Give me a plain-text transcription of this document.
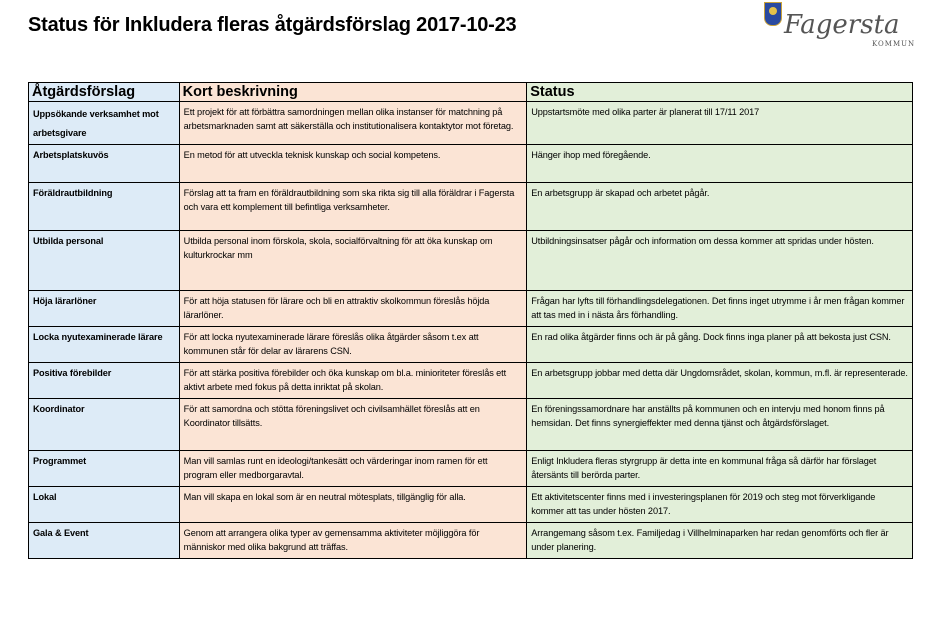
Status för Inkludera fleras åtgärdsförslag 2017-10-23	Fagersta
KOMMUN
Åtgärdsförslag	Kort beskrivning	Status
Uppsökande verksamhet mot arbetsgivare	Ett projekt för att förbättra samordningen mellan olika instanser för matchning på arbetsmarknaden samt att säkerställa och institutionalisera kontaktytor mot företag.	Uppstartsmöte med olika parter är planerat till 17/11 2017
Arbetsplatskuvös	En metod för att utveckla teknisk kunskap och social kompetens.	Hänger ihop med föregående.
Föräldrautbildning	Förslag att ta fram en föräldrautbildning som ska rikta sig till alla föräldrar i Fagersta och vara ett komplement till befintliga verksamheter.	En arbetsgrupp är skapad och arbetet pågår.
Utbilda personal	Utbilda personal inom förskola, skola, socialförvaltning för att öka kunskap om kulturkrockar mm	Utbildningsinsatser pågår och information om dessa kommer att spridas under hösten.
Höja lärarlöner	För att höja statusen för lärare och bli en attraktiv skolkommun föreslås höjda lärarlöner.	Frågan har lyfts till förhandlingsdelegationen. Det finns inget utrymme i år men frågan kommer att tas med in i nästa års förhandling.
Locka nyutexaminerade lärare	För att locka nyutexaminerade lärare föreslås olika åtgärder såsom t.ex att kommunen står för delar av lärarens CSN.	En rad olika åtgärder finns och är på gång. Dock finns inga planer på att bekosta just CSN.
Positiva förebilder	För att stärka positiva förebilder och öka kunskap om bl.a. minioriteter föreslås ett aktivt arbete med fokus på detta inriktat på skolan.	En arbetsgrupp jobbar med detta där Ungdomsrådet, skolan, kommun, m.fl. är representerade.
Koordinator	För att samordna och stötta föreningslivet och civilsamhället föreslås att en Koordinator tillsätts.	En föreningssamordnare har anställts på kommunen och en intervju med honom finns på hemsidan. Det finns synergieffekter med denna tjänst och åtgärdsförslaget.
Programmet	Man vill samlas runt en ideologi/tankesätt och värderingar inom ramen för ett program eller medborgaravtal.	Enligt Inkludera fleras styrgrupp är detta inte en kommunal fråga så därför har förslaget återsänts till berörda parter.
Lokal	Man vill skapa en lokal som är en neutral mötesplats, tillgänglig för alla.	Ett aktivitetscenter finns med i investeringsplanen för 2019 och steg mot förverkligande kommer att tas under hösten 2017.
Gala & Event	Genom att arrangera olika typer av gemensamma aktiviteter möjliggöra för människor med olika bakgrund att träffas.	Arrangemang såsom t.ex. Familjedag i Villhelminaparken har redan genomförts och fler är under planering.
